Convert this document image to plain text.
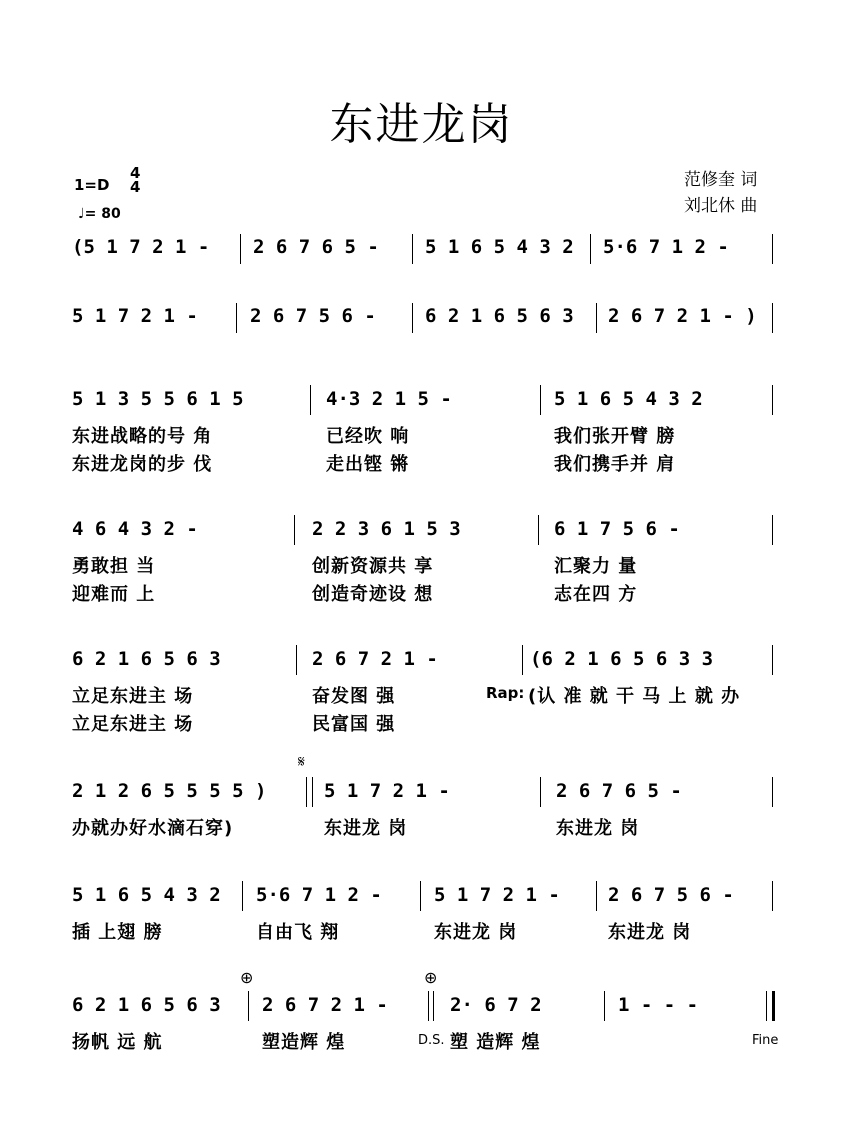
东进龙岗
1=D
4
4
♩= 80
范修奎 词
刘北休 曲
(5 1 7 2 1 - 2 6 7 6 5 - 5 1 6 5 4 3 2 5·6 7 1 2 -
5 1 7 2 1 -	2 6 7 5 6 -	6 2 1 6 5 6 3 2 6 7 2 1 - )
5 1 3 5 5 6 1 5	4·3 2 1 5 -	5 1 6 5 4 3 2
东进战略的号 角	已经吹 响	我们张开臂 膀
东进龙岗的步 伐	走出铿 锵	我们携手并 肩
4 6 4 3 2 -	2 2 3 6 1 5 3	6 1 7 5 6 -
勇敢担 当	创新资源共 享	汇聚力 量
迎难而 上	创造奇迹设 想	志在四 方
6 2 1 6 5 6 3	2 6 7 2 1 -	(6 2 1 6 5 6 3 3
立足东进主 场	奋发图 强	Rap: (认 准 就 干 马 上 就 办
立足东进主 场	民富国 强
2 1 2 6 5 5 5 5 )
𝄋
5 1 7 2 1 -	2 6 7 6 5 -
办就办好水滴石穿)	东进龙 岗	东进龙 岗
5 1 6 5 4 3 2 5·6 7 1 2 -	5 1 7 2 1 -	2 6 7 5 6 -
插 上翅 膀	自由飞 翔	东进龙 岗	东进龙 岗
6 2 1 6 5 6 3
⊕
2 6 7 2 1 -
⊕
2· 6 7 2	1 - - -
扬帆 远 航	塑造辉 煌	D.S. 塑 造辉 煌	Fine
